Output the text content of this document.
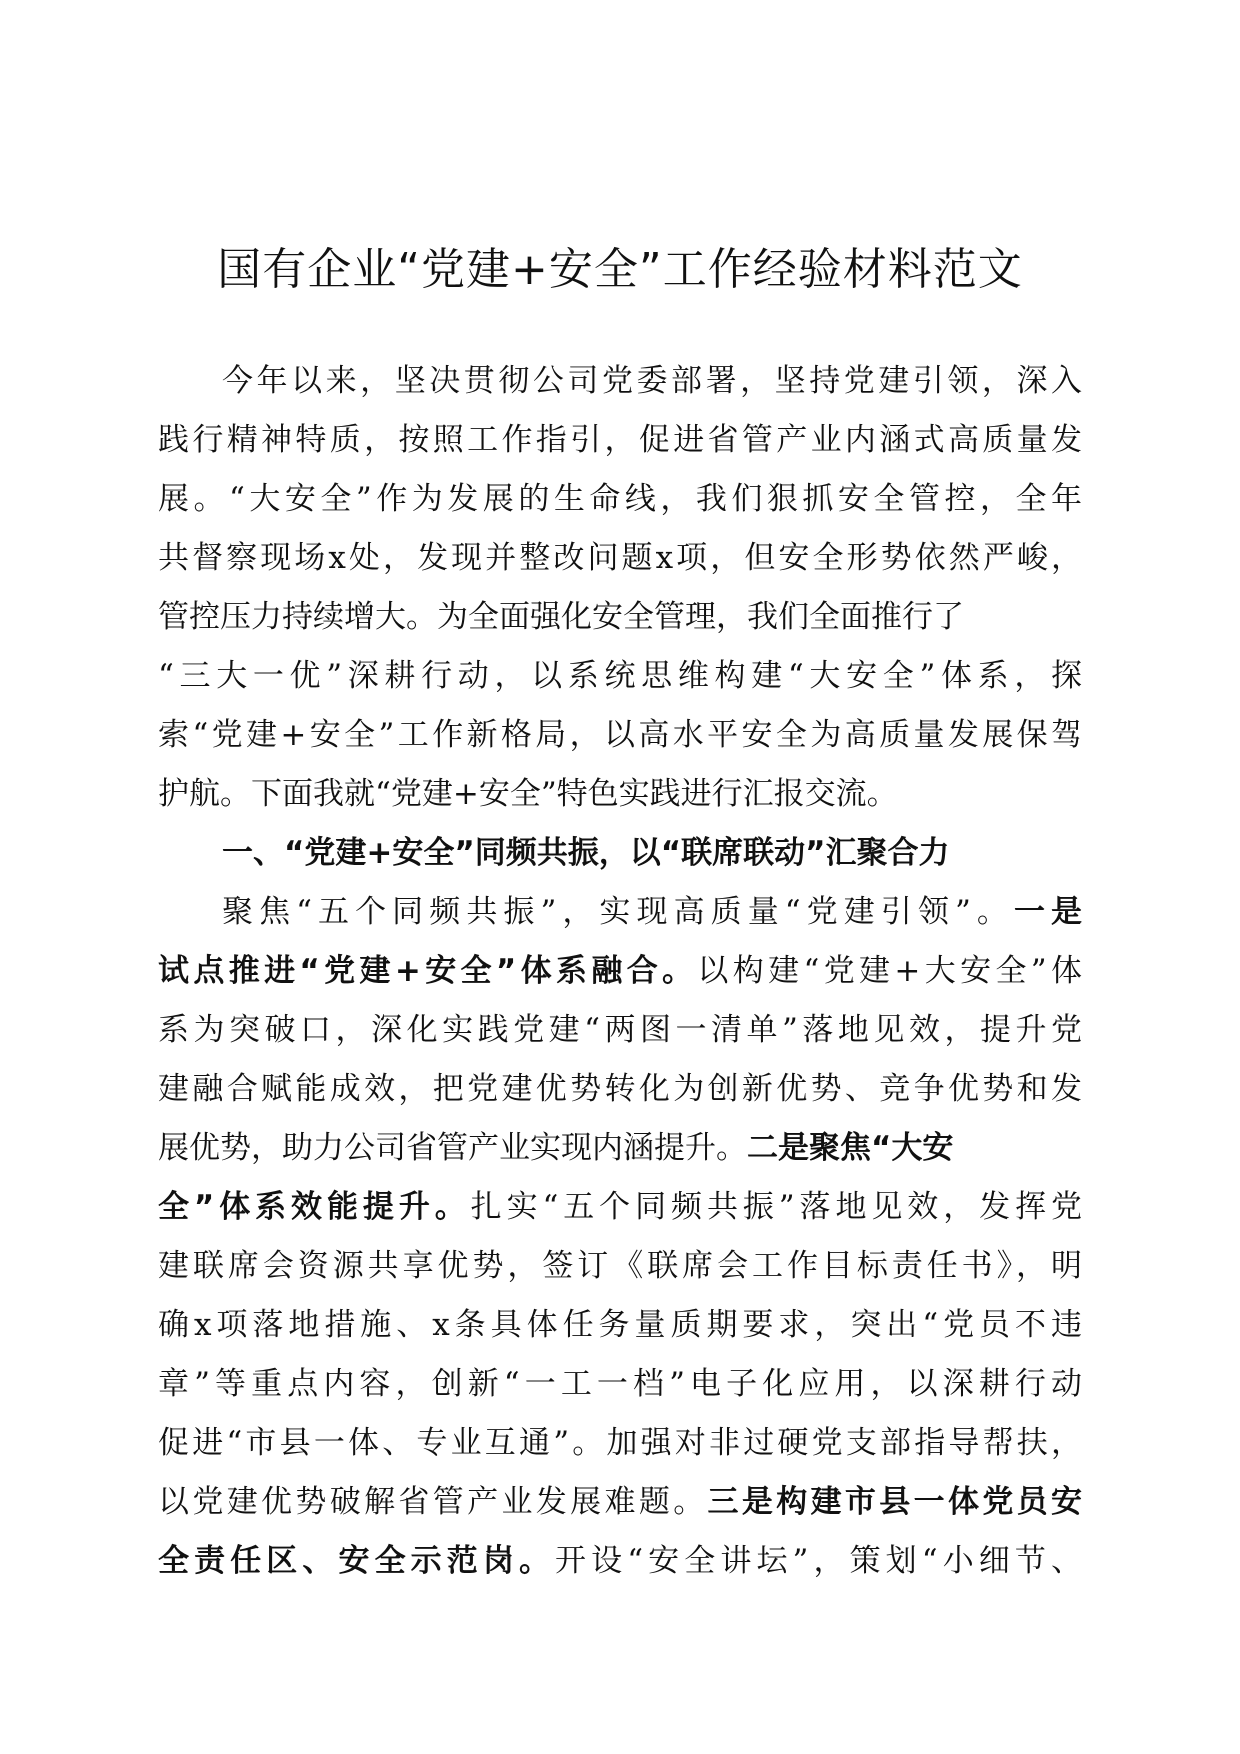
国有企业“党建+安全”工作经验材料范文
今年以来，坚决贯彻公司党委部署，坚持党建引领，深入
践行精神特质，按照工作指引，促进省管产业内涵式高质量发
展。“大安全”作为发展的生命线，我们狠抓安全管控，全年
共督察现场x处，发现并整改问题x项，但安全形势依然严峻，
管控压力持续增大。为全面强化安全管理，我们全面推行了
“三大一优”深耕行动，以系统思维构建“大安全”体系，探
索“党建+安全”工作新格局，以高水平安全为高质量发展保驾
护航。下面我就“党建+安全”特色实践进行汇报交流。
一、“党建+安全”同频共振，以“联席联动”汇聚合力
聚焦“五个同频共振”，实现高质量“党建引领”。一是
试点推进“党建+安全”体系融合。以构建“党建+大安全”体
系为突破口，深化实践党建“两图一清单”落地见效，提升党
建融合赋能成效，把党建优势转化为创新优势、竞争优势和发
展优势，助力公司省管产业实现内涵提升。二是聚焦“大安
全”体系效能提升。扎实“五个同频共振”落地见效，发挥党
建联席会资源共享优势，签订《联席会工作目标责任书》，明
确x项落地措施、x条具体任务量质期要求，突出“党员不违
章”等重点内容，创新“一工一档”电子化应用，以深耕行动
促进“市县一体、专业互通”。加强对非过硬党支部指导帮扶，
以党建优势破解省管产业发展难题。三是构建市县一体党员安
全责任区、安全示范岗。开设“安全讲坛”，策划“小细节、
